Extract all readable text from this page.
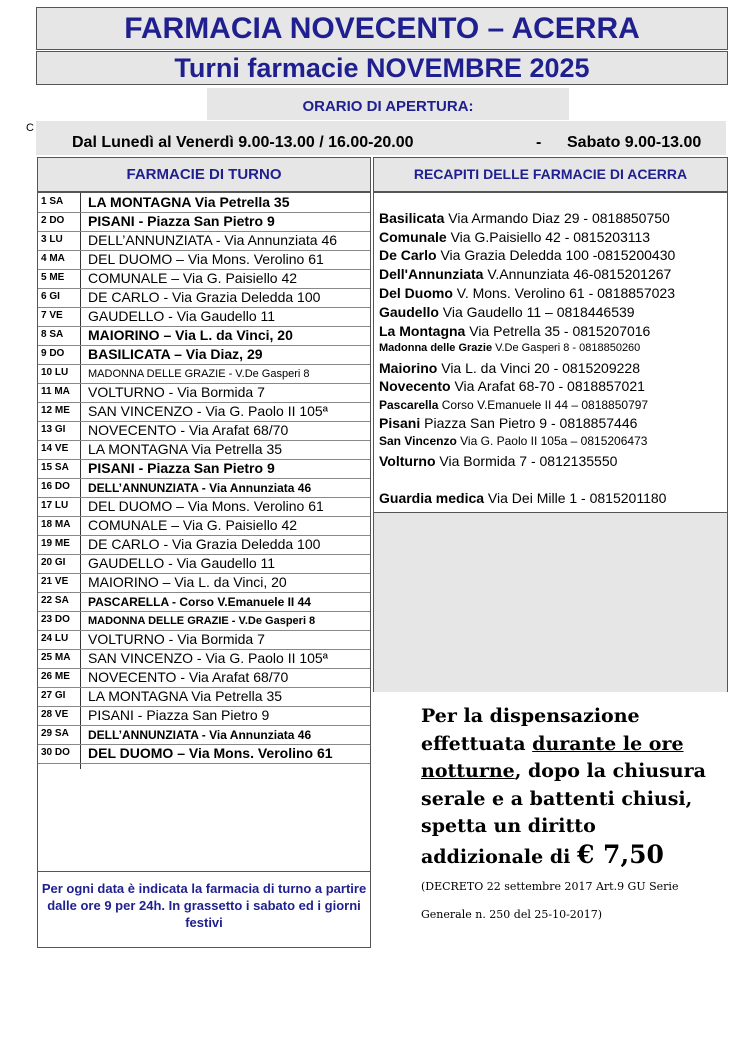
FARMACIA NOVECENTO – ACERRA
Turni farmacie NOVEMBRE 2025
ORARIO DI APERTURA:
C
Dal Lunedì al Venerdì 9.00-13.00 / 16.00-20.00	- Sabato 9.00-13.00
FARMACIE DI TURNO	RECAPITI DELLE FARMACIE DI ACERRA
1 SA LA MONTAGNA Via Petrella 35
2 DO PISANI - Piazza San Pietro 9
3 LU DELL’ANNUNZIATA - Via Annunziata 46
4 MA DEL DUOMO – Via Mons. Verolino 61
5 ME COMUNALE – Via G. Paisiello 42
6 GI DE CARLO - Via Grazia Deledda 100
7 VE GAUDELLO - Via Gaudello 11
8 SA MAIORINO – Via L. da Vinci, 20
9 DO BASILICATA – Via Diaz, 29
10 LU MADONNA DELLE GRAZIE - V.De Gasperi 8
11 MA VOLTURNO - Via Bormida 7
12 ME SAN VINCENZO - Via G. Paolo II 105ª
13 GI NOVECENTO - Via Arafat 68/70
14 VE LA MONTAGNA Via Petrella 35
15 SA PISANI - Piazza San Pietro 9
16 DO DELL’ANNUNZIATA - Via Annunziata 46
17 LU DEL DUOMO – Via Mons. Verolino 61
18 MA COMUNALE – Via G. Paisiello 42
19 ME DE CARLO - Via Grazia Deledda 100
20 GI GAUDELLO - Via Gaudello 11
21 VE MAIORINO – Via L. da Vinci, 20
22 SA PASCARELLA - Corso V.Emanuele II 44
23 DO MADONNA DELLE GRAZIE - V.De Gasperi 8
24 LU VOLTURNO - Via Bormida 7
25 MA SAN VINCENZO - Via G. Paolo II 105ª
26 ME NOVECENTO - Via Arafat 68/70
27 GI LA MONTAGNA Via Petrella 35
28 VE PISANI - Piazza San Pietro 9
29 SA DELL’ANNUNZIATA - Via Annunziata 46
30 DO DEL DUOMO – Via Mons. Verolino 61
Per ogni data è indicata la farmacia di turno a partire dalle ore 9 per 24h. In grassetto i sabato ed i giorni festivi
Basilicata Via Armando Diaz 29 - 0818850750
Comunale Via G.Paisiello 42 - 0815203113
De Carlo Via Grazia Deledda 100 -0815200430
Dell'Annunziata V.Annunziata 46-0815201267
Del Duomo V. Mons. Verolino 61 - 0818857023
Gaudello Via Gaudello 11 – 0818446539
La Montagna Via Petrella 35 - 0815207016
Madonna delle Grazie V.De Gasperi 8 - 0818850260
Maiorino Via L. da Vinci 20 - 0815209228
Novecento Via Arafat 68-70 - 0818857021
Pascarella Corso V.Emanuele II 44 – 0818850797
Pisani Piazza San Pietro 9 - 0818857446
San Vincenzo Via G. Paolo II 105a – 0815206473
Volturno Via Bormida 7 - 0812135550
Guardia medica Via Dei Mille 1 - 0815201180
Per la dispensazione effettuata durante le ore notturne, dopo la chiusura serale e a battenti chiusi, spetta un diritto addizionale di € 7,50 (DECRETO 22 settembre 2017 Art.9 GU Serie Generale n. 250 del 25-10-2017)
